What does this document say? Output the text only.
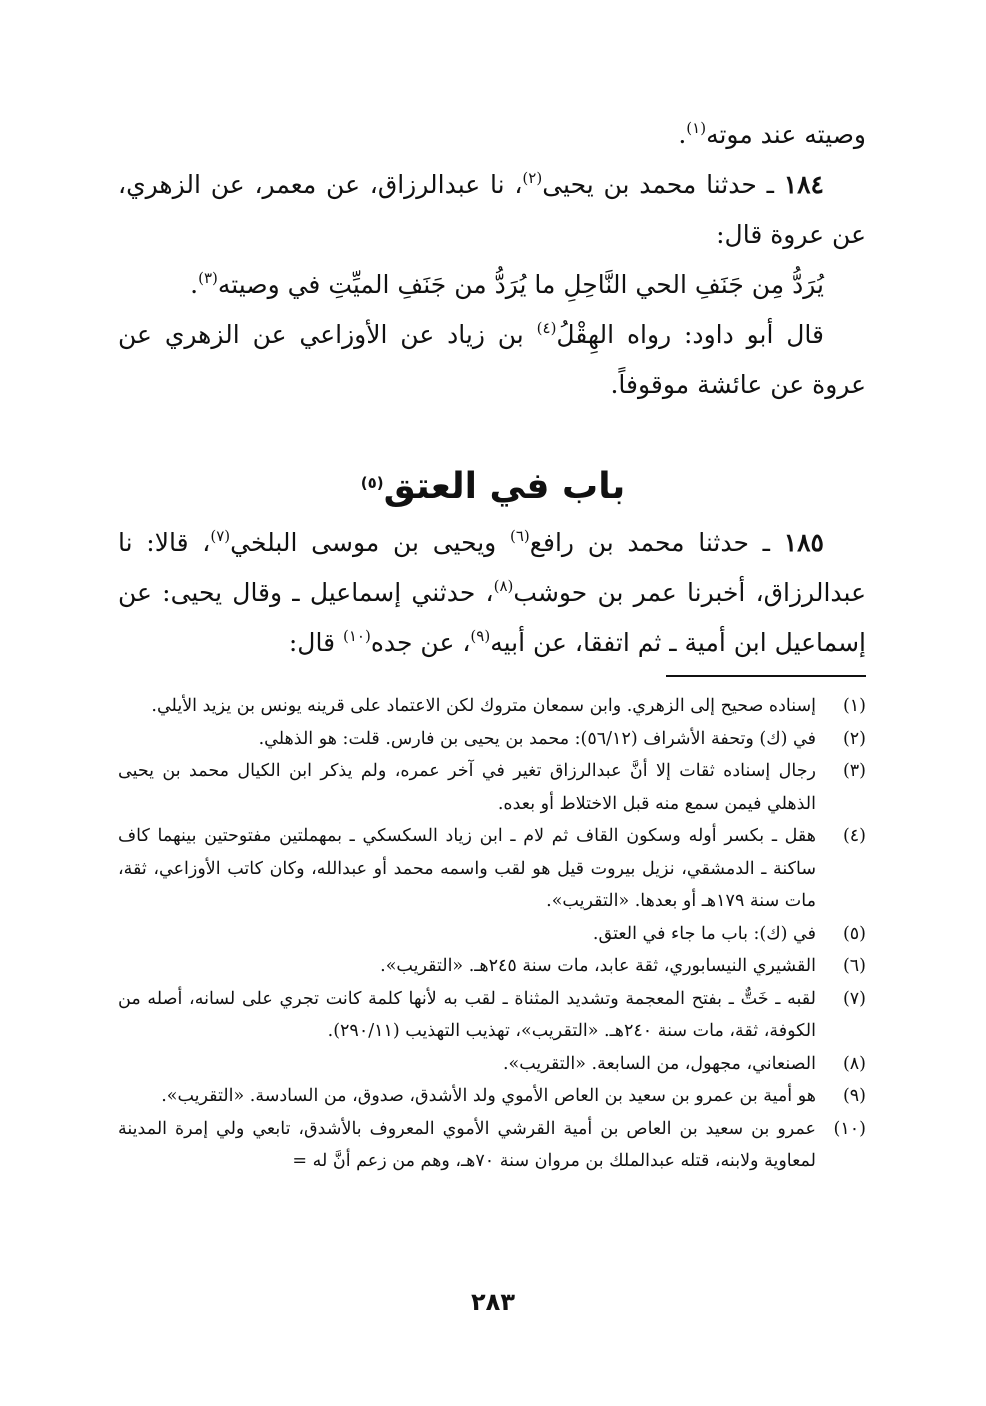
وصيته عند موته$^{(١)}$.

١٨٤ ـ حدثنا محمد بن يحيى$^{(٢)}$، نا عبدالرزاق، عن معمر، عن الزهري، عن عروة قال:

يُرَدُّ مِن جَنَفِ الحي النَّاحِلِ ما يُرَدُّ من جَنَفِ الميِّتِ في وصيته$^{(٣)}$.

قال أبو داود: رواه الهِقْلُ$^{(٤)}$ بن زياد عن الأوزاعي عن الزهري عن عروة عن عائشة موقوفاً.

باب في العتق$^{(٥)}$

١٨٥ ـ حدثنا محمد بن رافع$^{(٦)}$ ويحيى بن موسى البلخي$^{(٧)}$، قالا: نا عبدالرزاق، أخبرنا عمر بن حوشب$^{(٨)}$، حدثني إسماعيل ـ وقال يحيى: عن إسماعيل ابن أمية ـ ثم اتفقا، عن أبيه$^{(٩)}$، عن جده$^{(١٠)}$ قال:

(١)
إسناده صحيح إلى الزهري. وابن سمعان متروك لكن الاعتماد على قرينه يونس بن يزيد الأيلي.
(٢)
في (ك) وتحفة الأشراف (٥٦/١٢): محمد بن يحيى بن فارس. قلت: هو الذهلي.
(٣)
رجال إسناده ثقات إلا أنَّ عبدالرزاق تغير في آخر عمره، ولم يذكر ابن الكيال محمد بن يحيى الذهلي فيمن سمع منه قبل الاختلاط أو بعده.
(٤)
هقل ـ بكسر أوله وسكون القاف ثم لام ـ ابن زياد السكسكي ـ بمهملتين مفتوحتين بينهما كاف ساكنة ـ الدمشقي، نزيل بيروت قيل هو لقب واسمه محمد أو عبدالله، وكان كاتب الأوزاعي، ثقة، مات سنة ١٧٩هـ أو بعدها. «التقريب».
(٥)
في (ك): باب ما جاء في العتق.
(٦)
القشيري النيسابوري، ثقة عابد، مات سنة ٢٤٥هـ. «التقريب».
(٧)
لقبه ـ خَتٌّ ـ بفتح المعجمة وتشديد المثناة ـ لقب به لأنها كلمة كانت تجري على لسانه، أصله من الكوفة، ثقة، مات سنة ٢٤٠هـ. «التقريب»، تهذيب التهذيب (٢٩٠/١١).
(٨)
الصنعاني، مجهول، من السابعة. «التقريب».
(٩)
هو أمية بن عمرو بن سعيد بن العاص الأموي ولد الأشدق، صدوق، من السادسة. «التقريب».
(١٠)
عمرو بن سعيد بن العاص بن أمية القرشي الأموي المعروف بالأشدق، تابعي ولي إمرة المدينة لمعاوية ولابنه، قتله عبدالملك بن مروان سنة ٧٠هـ، وهم من زعم أنَّ له =
٢٨٣
